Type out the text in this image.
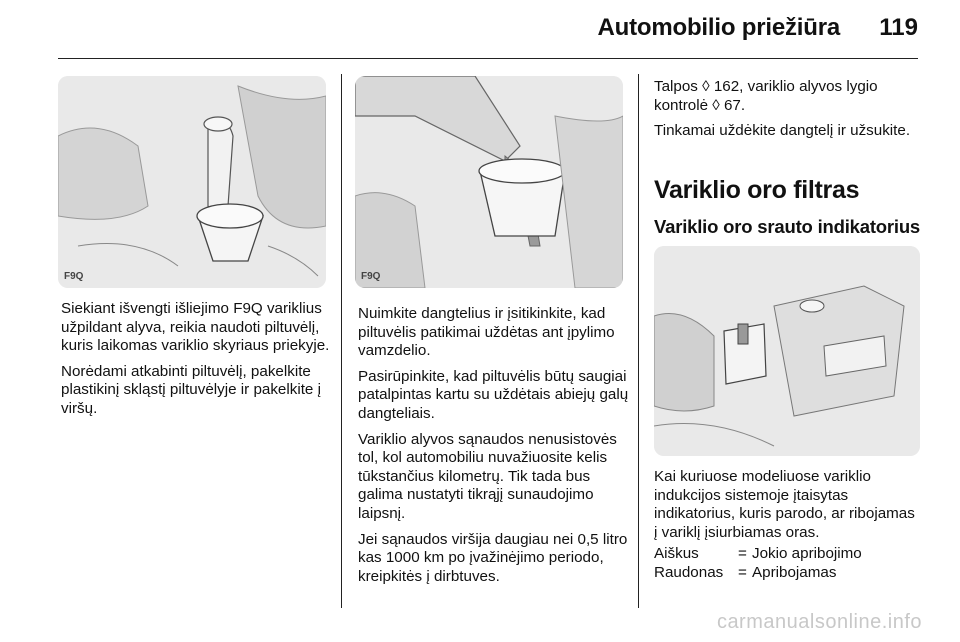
Automobilio priežiūra 119
F9Q

Siekiant išvengti išliejimo F9Q variklius užpildant alyva, reikia naudoti piltuvėlį, kuris laikomas variklio skyriaus priekyje.

Norėdami atkabinti piltuvėlį, pakelkite plastikinį skląstį piltuvėlyje ir pakelkite į viršų.

F9Q

Nuimkite dangtelius ir įsitikinkite, kad piltuvėlis patikimai uždėtas ant įpylimo vamzdelio.

Pasirūpinkite, kad piltuvėlis būtų saugiai patalpintas kartu su uždėtais abiejų galų dangteliais.

Variklio alyvos sąnaudos nenusistovės tol, kol automobiliu nuvažiuosite kelis tūkstančius kilometrų. Tik tada bus galima nustatyti tikrąjį sunaudojimo laipsnį.

Jei sąnaudos viršija daugiau nei 0,5 litro kas 1000 km po įvažinėjimo periodo, kreipkitės į dirbtuves.

Talpos ◊ 162, variklio alyvos lygio kontrolė ◊ 67.

Tinkamai uždėkite dangtelį ir užsukite.

Variklio oro filtras
Variklio oro srauto indikatorius

Kai kuriuose modeliuose variklio indukcijos sistemoje įtaisytas indikatorius, kuris parodo, ar ribojamas į variklį įsiurbiamas oras.

Aiškus	=	Jokio apribojimo
Raudonas	=	Apribojamas
carmanualsonline.info
